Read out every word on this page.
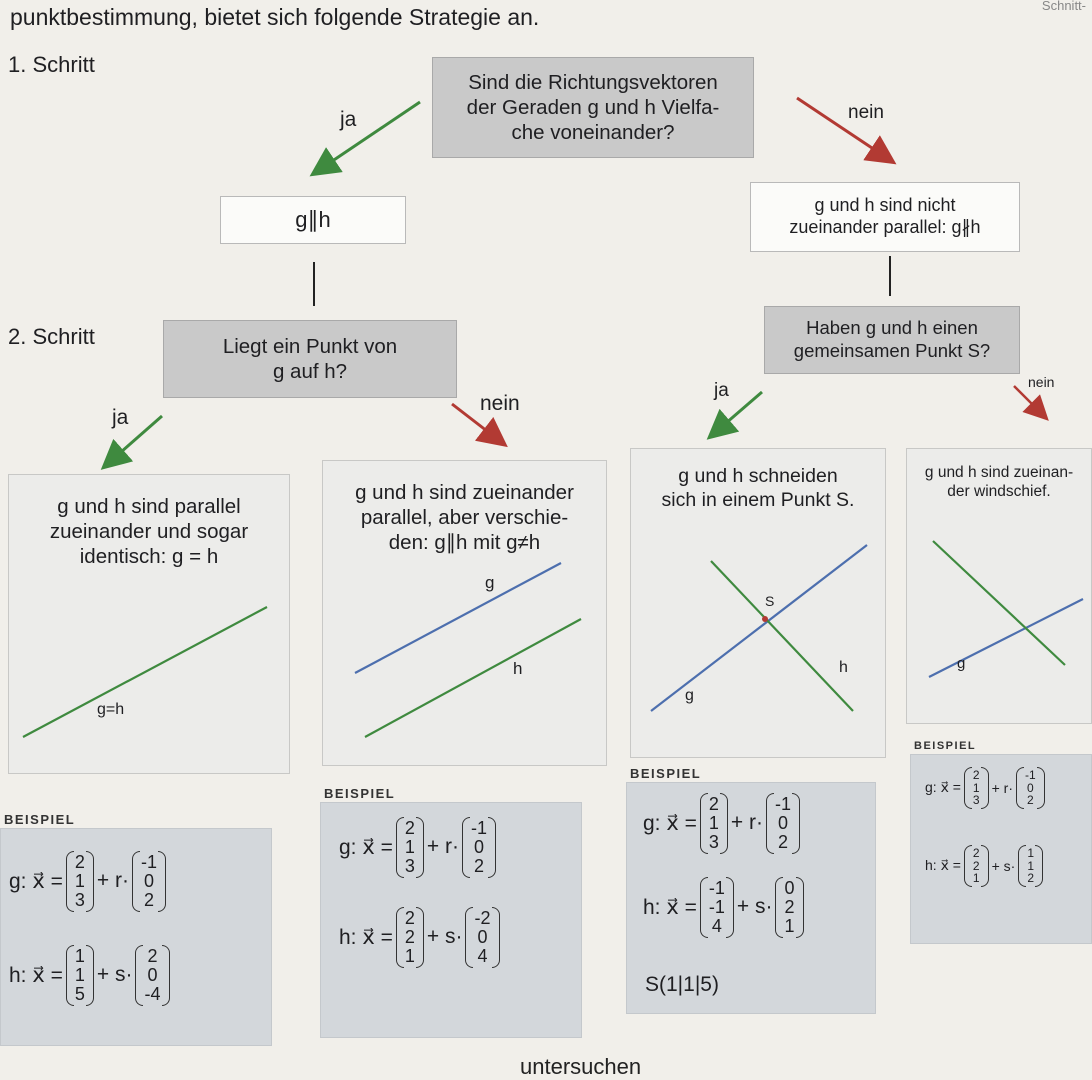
punktbestimmung, bietet sich folgende Strategie an.	Schnitt-
1. Schritt
2. Schritt
Sind die Richtungsvektoren
der Geraden g und h Vielfa-
che voneinander?
ja	nein
g∥h
g und h sind nicht
zueinander parallel: g∦h
Liegt ein Punkt von
g auf h?
Haben g und h einen
gemeinsamen Punkt S?
ja
nein
ja	nein
g und h sind parallel
zueinander und sogar
identisch: g = h
g=h
g und h sind zueinander
parallel, aber verschie-
den: g∥h mit g≠h
g
h
g und h schneiden
sich in einem Punkt S.
S
g
h
g und h sind zueinan-
der windschief.
g
BEISPIEL
g: x⃗ =
2
1
3
+ r·
-1
0
2
h: x⃗ =
1
1
5
+ s·
2
0
-4
BEISPIEL
g: x⃗ =
2
1
3
+ r·
-1
0
2
h: x⃗ =
2
2
1
+ s·
-2
0
4
BEISPIEL
g: x⃗ =
2
1
3
+ r·
-1
0
2
h: x⃗ =
-1
-1
4
+ s·
0
2
1
S(1|1|5)
BEISPIEL
g: x⃗ =
2
1
3
+ r·
-1
0
2
h: x⃗ =
2
2
1
+ s·
1
1
2
untersuchen
